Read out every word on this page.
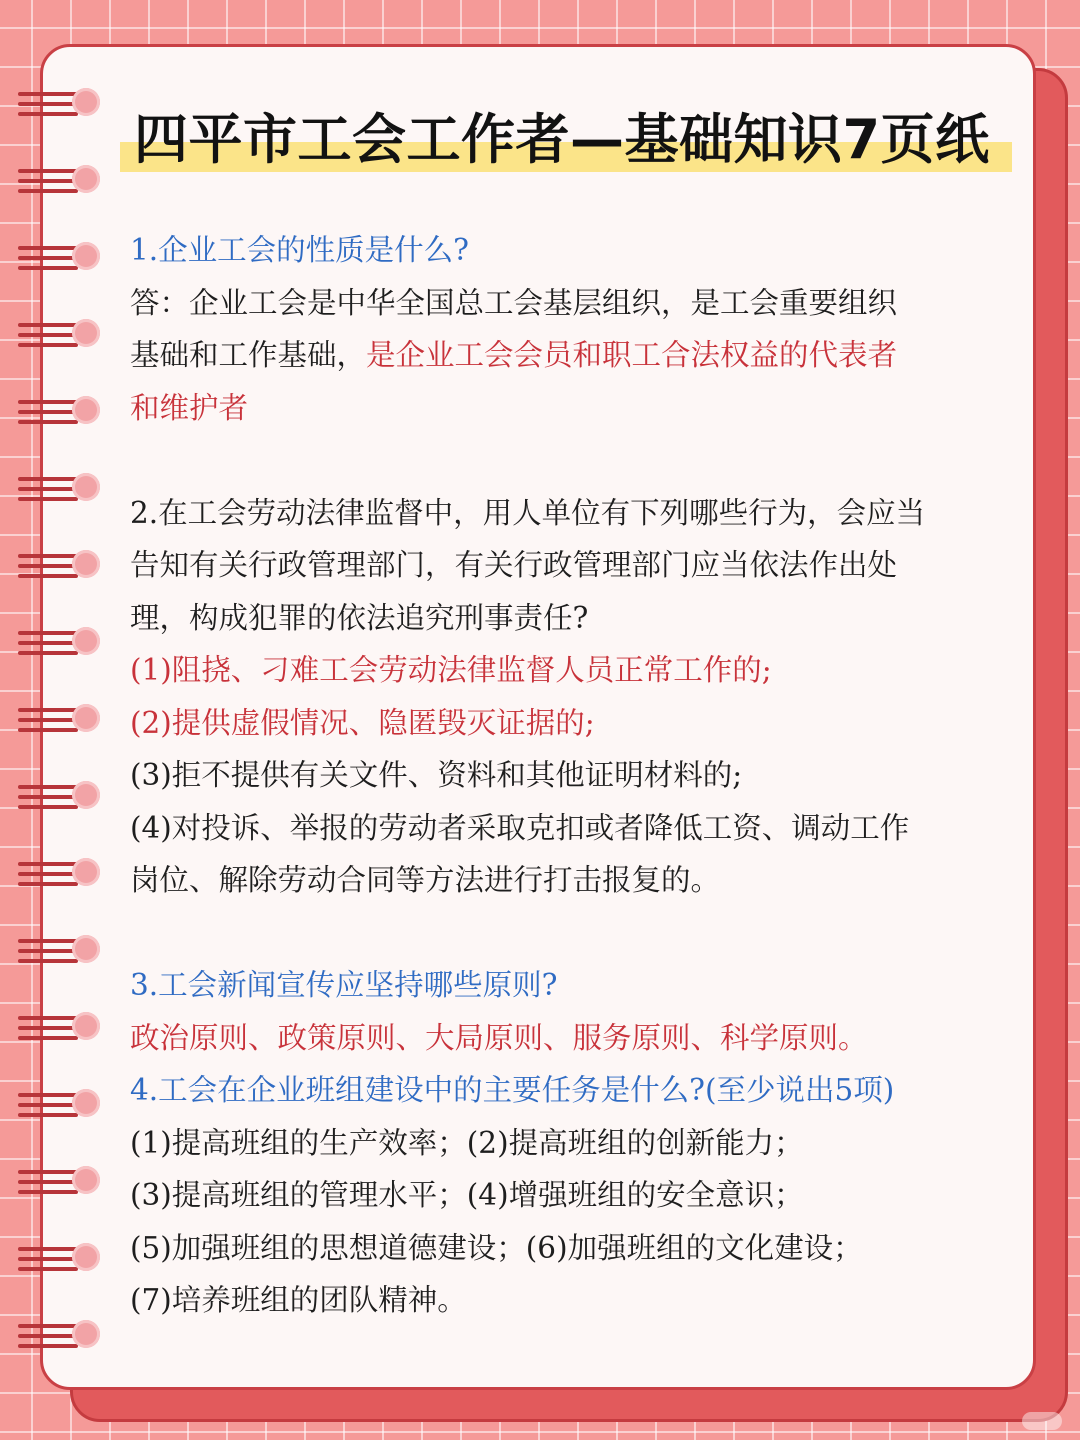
四平市工会工作者—基础知识7页纸

1.企业工会的性质是什么?

答：企业工会是中华全国总工会基层组织，是工会重要组织

基础和工作基础，是企业工会会员和职工合法权益的代表者

和维护者

2.在工会劳动法律监督中，用人单位有下列哪些行为，会应当

告知有关行政管理部门，有关行政管理部门应当依法作出处

理，构成犯罪的依法追究刑事责任?

(1)阻挠、刁难工会劳动法律监督人员正常工作的;

(2)提供虚假情况、隐匿毁灭证据的;

(3)拒不提供有关文件、资料和其他证明材料的;

(4)对投诉、举报的劳动者采取克扣或者降低工资、调动工作

岗位、解除劳动合同等方法进行打击报复的。

3.工会新闻宣传应坚持哪些原则?

政治原则、政策原则、大局原则、服务原则、科学原则。

4.工会在企业班组建设中的主要任务是什么?(至少说出5项)

(1)提高班组的生产效率；(2)提高班组的创新能力；

(3)提高班组的管理水平；(4)增强班组的安全意识；

(5)加强班组的思想道德建设；(6)加强班组的文化建设；

(7)培养班组的团队精神。
